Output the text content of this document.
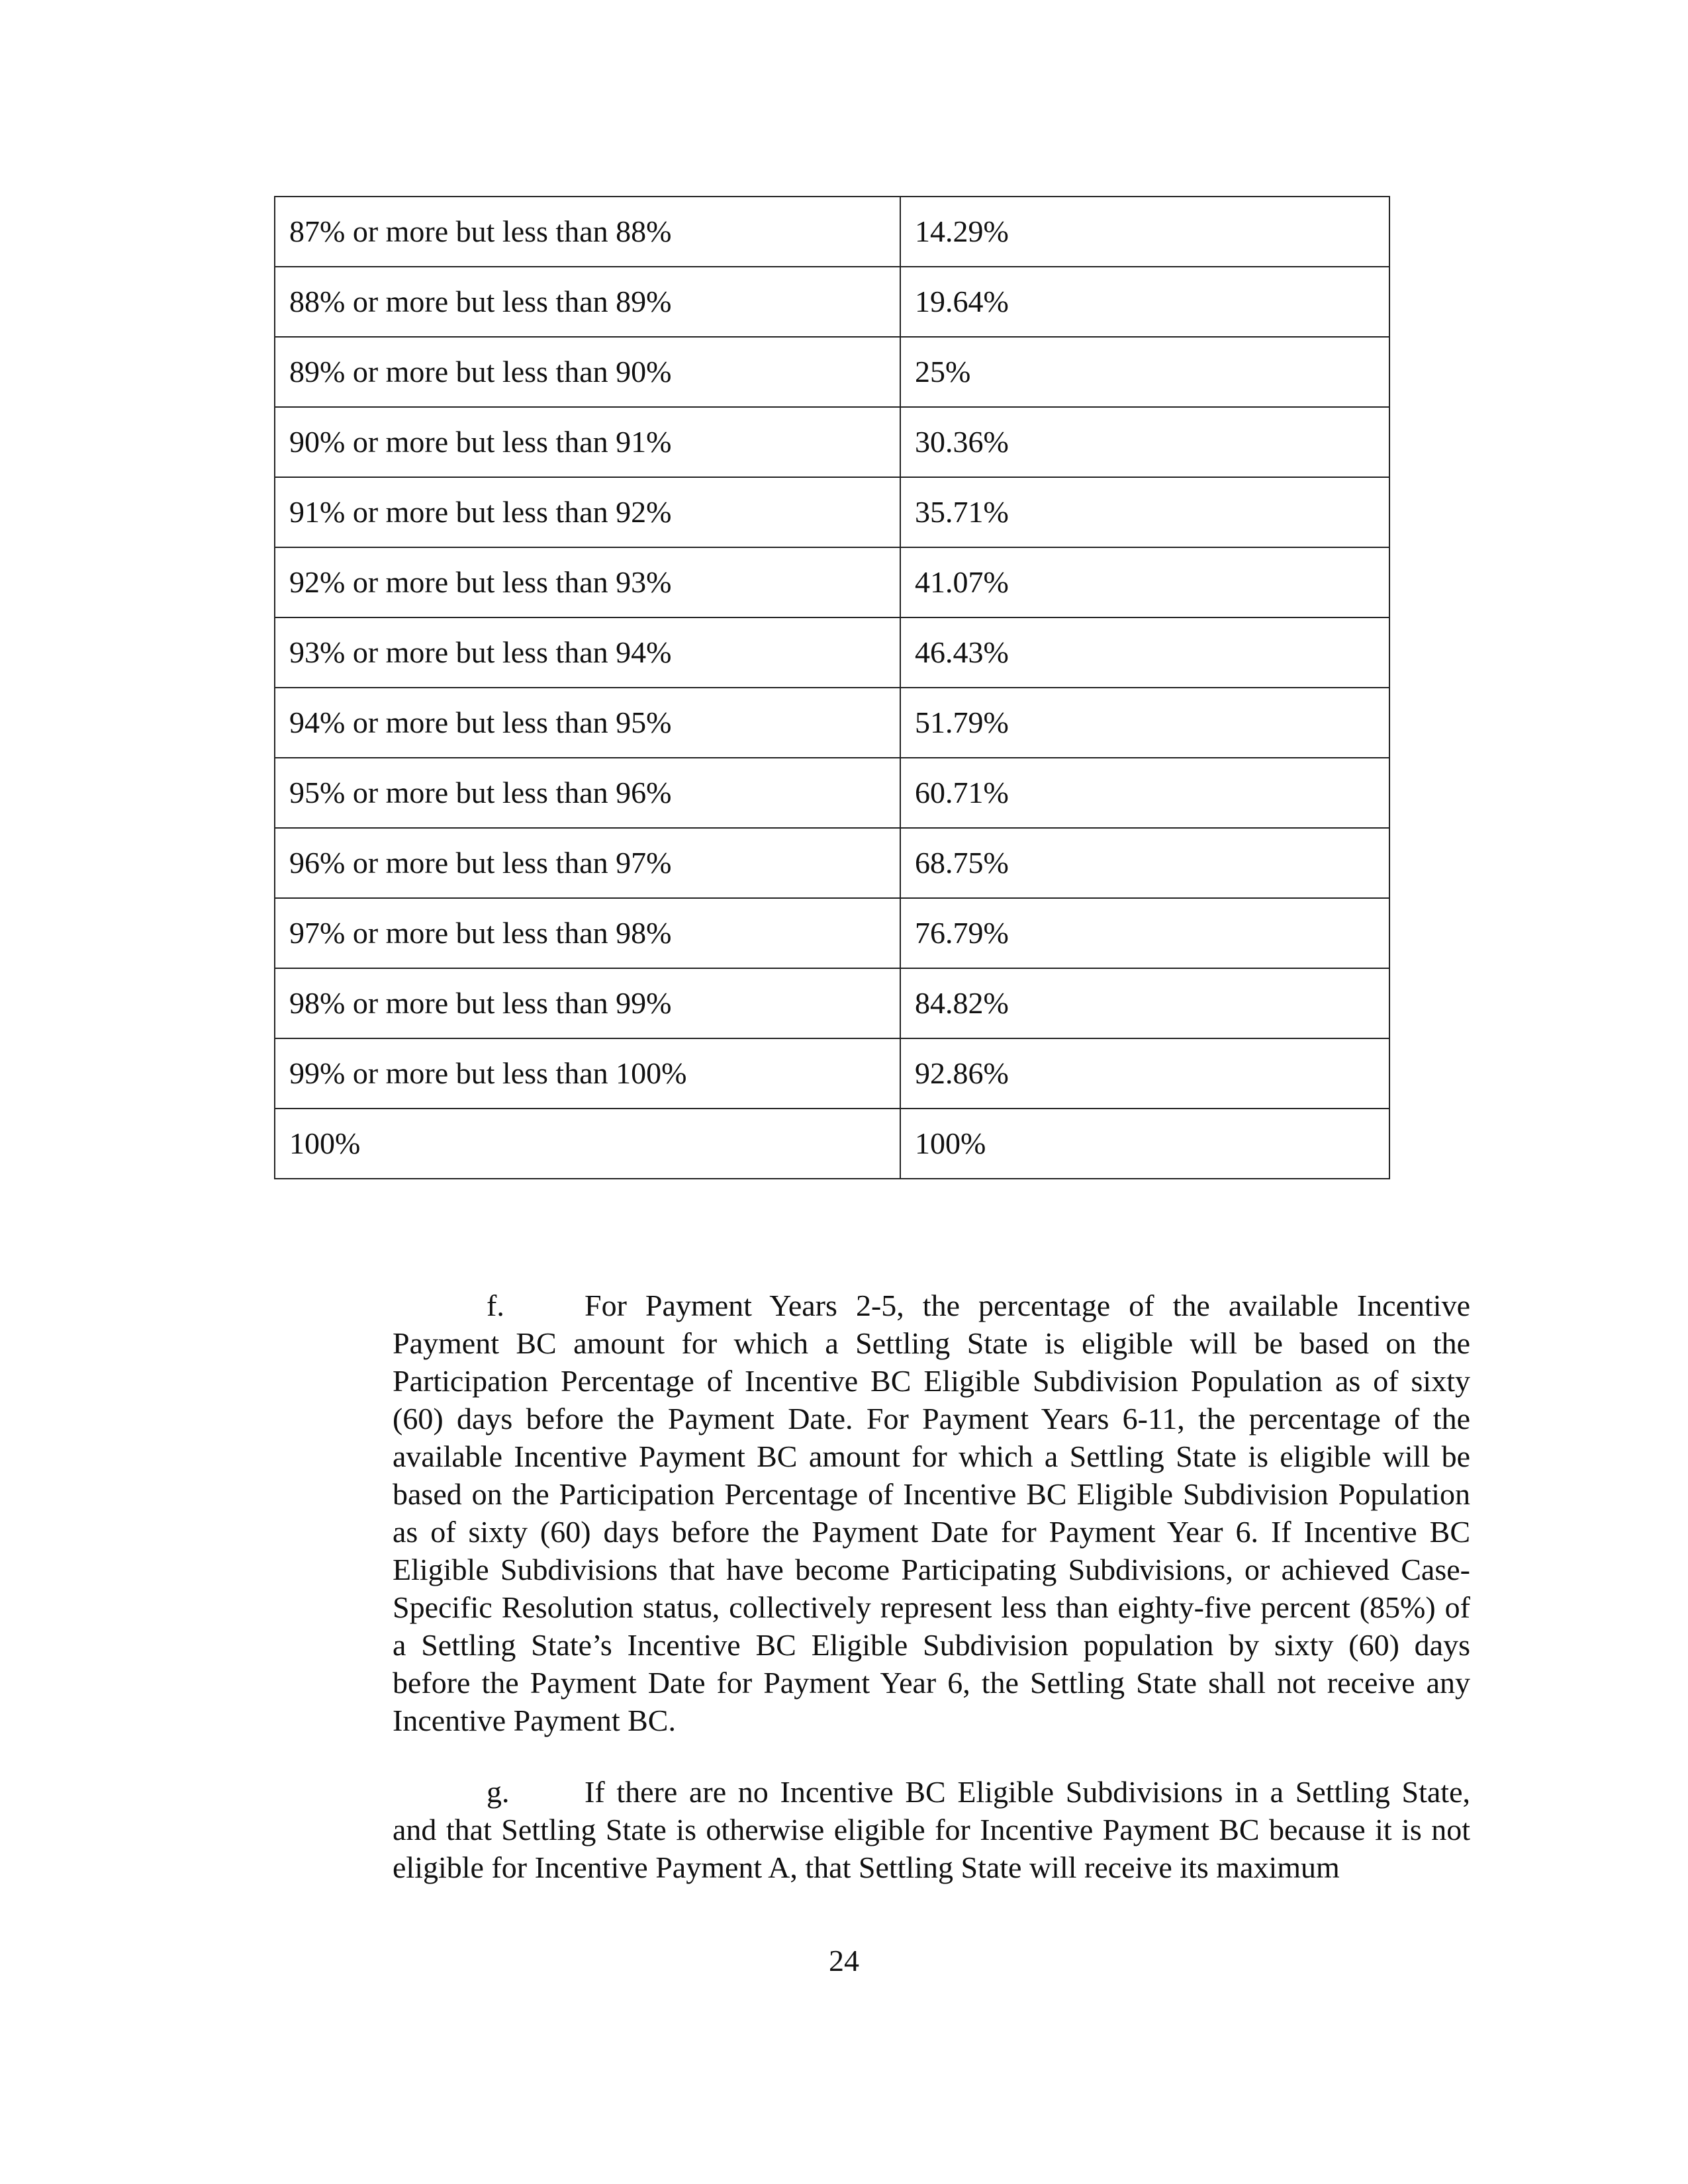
87% or more but less than 88%	14.29%
88% or more but less than 89%	19.64%
89% or more but less than 90%	25%
90% or more but less than 91%	30.36%
91% or more but less than 92%	35.71%
92% or more but less than 93%	41.07%
93% or more but less than 94%	46.43%
94% or more but less than 95%	51.79%
95% or more but less than 96%	60.71%
96% or more but less than 97%	68.75%
97% or more but less than 98%	76.79%
98% or more but less than 99%	84.82%
99% or more but less than 100%	92.86%
100%	100%

f.	For Payment Years 2-5, the percentage of the available Incentive Payment BC amount for which a Settling State is eligible will be based on the Participation Percentage of Incentive BC Eligible Subdivision Population as of sixty (60) days before the Payment Date. For Payment Years 6-11, the percentage of the available Incentive Payment BC amount for which a Settling State is eligible will be based on the Participation Percentage of Incentive BC Eligible Subdivision Population as of sixty (60) days before the Payment Date for Payment Year 6. If Incentive BC Eligible Subdivisions that have become Participating Subdivisions, or achieved Case-Specific Resolution status, collectively represent less than eighty-five percent (85%) of a Settling State’s Incentive BC Eligible Subdivision population by sixty (60) days before the Payment Date for Payment Year 6, the Settling State shall not receive any Incentive Payment BC.

g. If there are no Incentive BC Eligible Subdivisions in a Settling State, and that Settling State is otherwise eligible for Incentive Payment BC because it is not eligible for Incentive Payment A, that Settling State will receive its maximum

24
